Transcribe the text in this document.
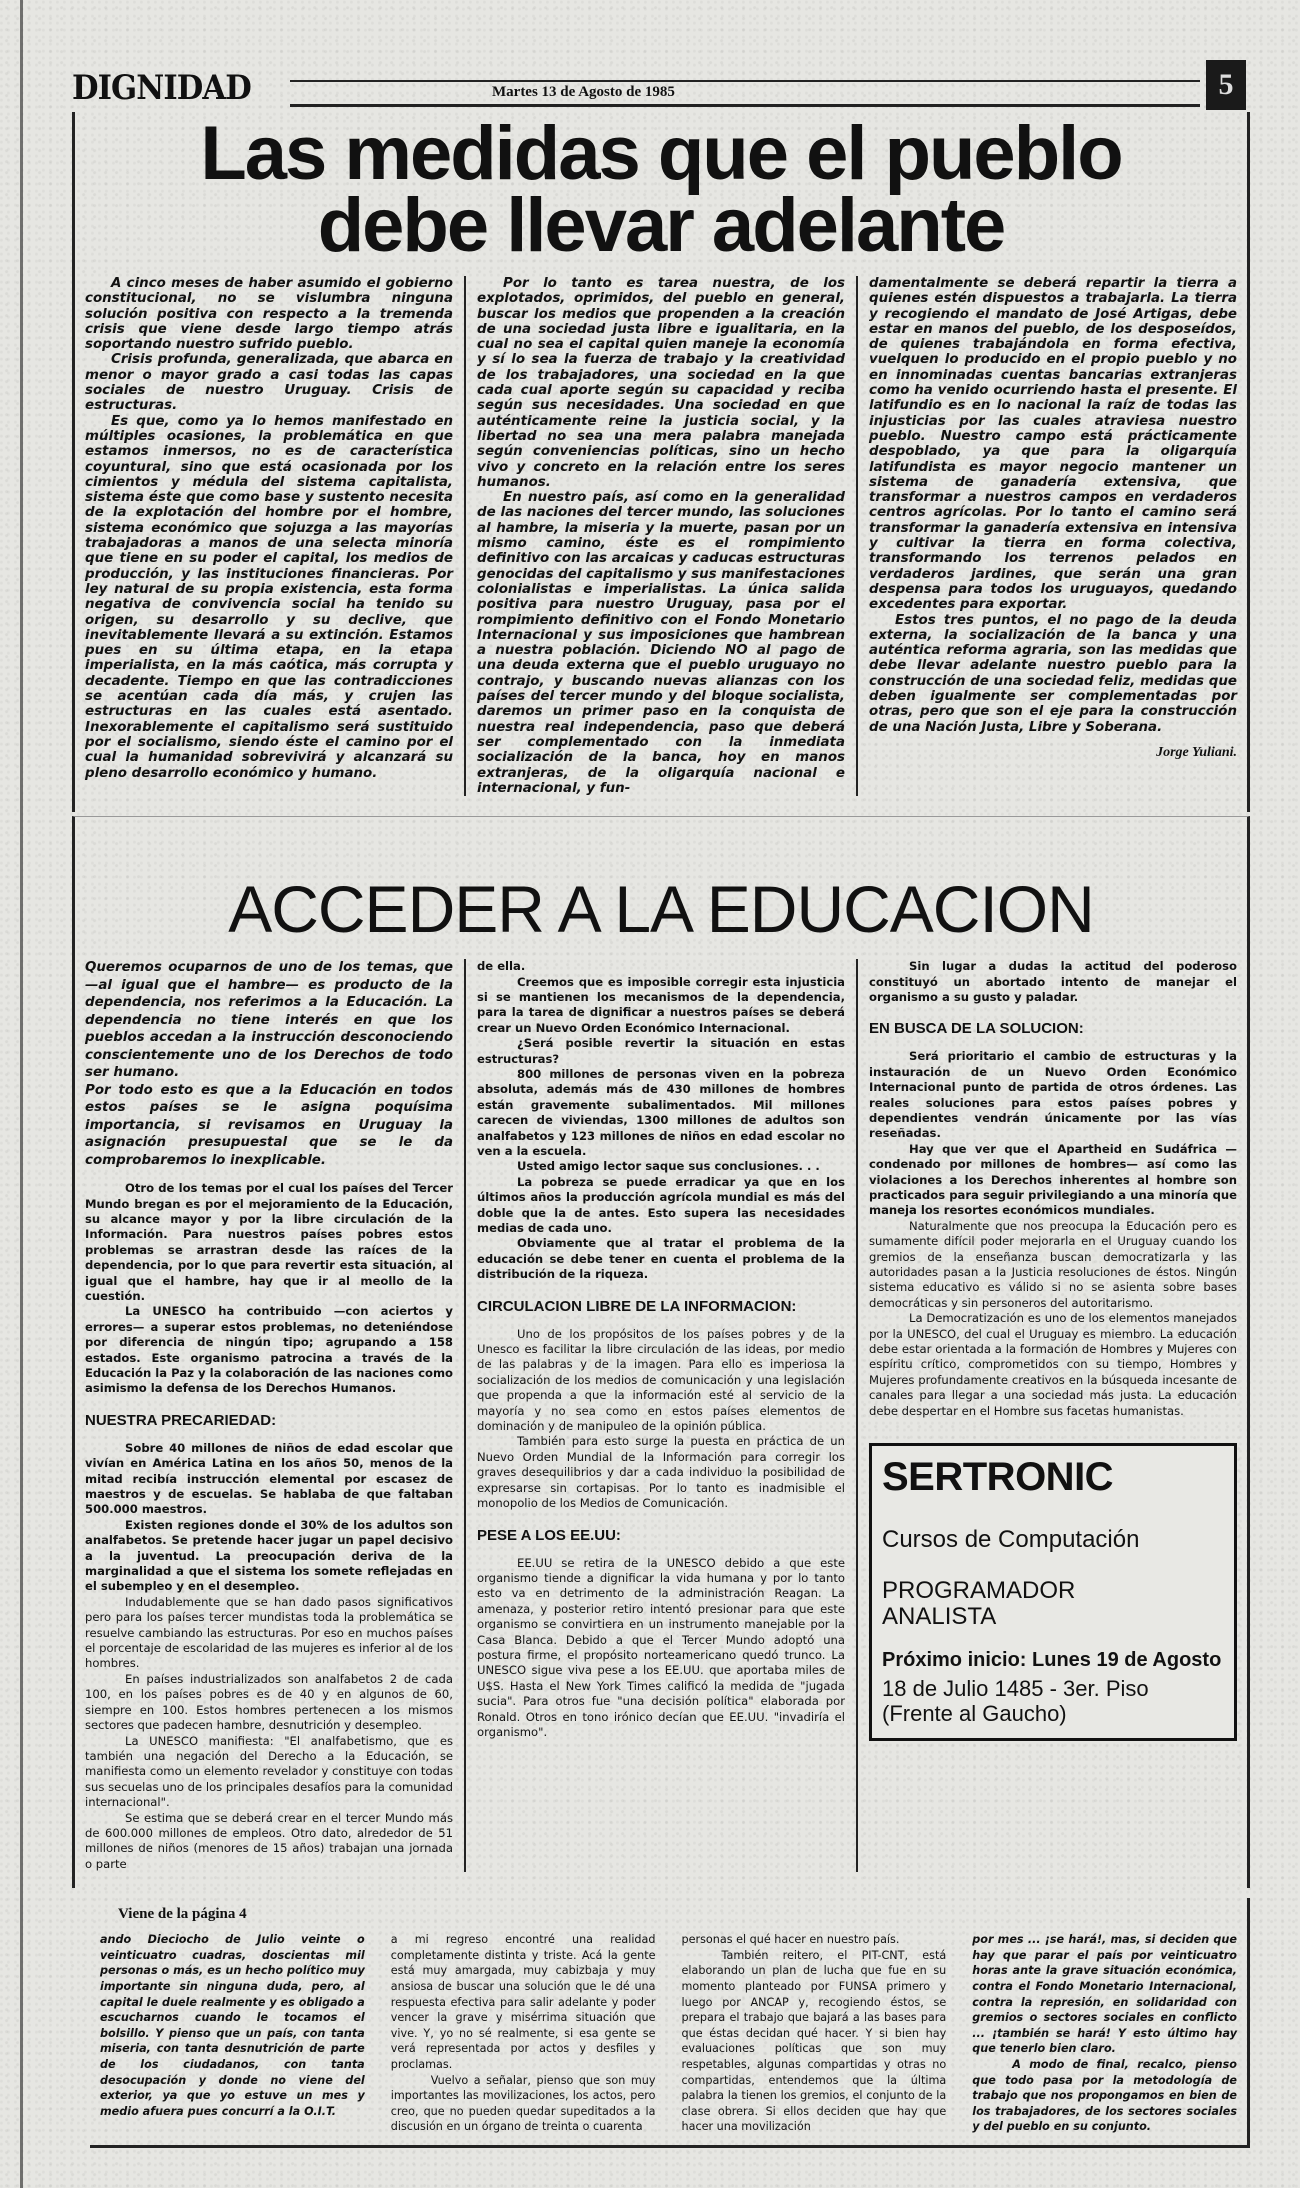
DIGNIDAD	Martes 13 de Agosto de 1985	5
Las medidas que el pueblo
debe llevar adelante

A cinco meses de haber asumido el gobierno constitucional, no se vislumbra ninguna solución positiva con respecto a la tremenda crisis que viene desde largo tiempo atrás soportando nuestro sufrido pueblo.

Crisis profunda, generalizada, que abarca en menor o mayor grado a casi todas las capas sociales de nuestro Uruguay. Crisis de estructuras.

Es que, como ya lo hemos manifestado en múltiples ocasiones, la problemática en que estamos inmersos, no es de característica coyuntural, sino que está ocasionada por los cimientos y médula del sistema capitalista, sistema éste que como base y sustento necesita de la explotación del hombre por el hombre, sistema económico que sojuzga a las mayorías trabajadoras a manos de una selecta minoría que tiene en su poder el capital, los medios de producción, y las instituciones financieras. Por ley natural de su propia existencia, esta forma negativa de convivencia social ha tenido su origen, su desarrollo y su declive, que inevitablemente llevará a su extinción. Estamos pues en su última etapa, en la etapa imperialista, en la más caótica, más corrupta y decadente. Tiempo en que las contradicciones se acentúan cada día más, y crujen las estructuras en las cuales está asentado. Inexorablemente el capitalismo será sustituido por el socialismo, siendo éste el camino por el cual la humanidad sobrevivirá y alcanzará su pleno desarrollo económico y humano.

Por lo tanto es tarea nuestra, de los explotados, oprimidos, del pueblo en general, buscar los medios que propenden a la creación de una sociedad justa libre e igualitaria, en la cual no sea el capital quien maneje la economía y sí lo sea la fuerza de trabajo y la creatividad de los trabajadores, una sociedad en la que cada cual aporte según su capacidad y reciba según sus necesidades. Una sociedad en que auténticamente reine la justicia social, y la libertad no sea una mera palabra manejada según conveniencias políticas, sino un hecho vivo y concreto en la relación entre los seres humanos.

En nuestro país, así como en la generalidad de las naciones del tercer mundo, las soluciones al hambre, la miseria y la muerte, pasan por un mismo camino, éste es el rompimiento definitivo con las arcaicas y caducas estructuras genocidas del capitalismo y sus manifestaciones colonialistas e imperialistas. La única salida positiva para nuestro Uruguay, pasa por el rompimiento definitivo con el Fondo Monetario Internacional y sus imposiciones que hambrean a nuestra población. Diciendo NO al pago de una deuda externa que el pueblo uruguayo no contrajo, y buscando nuevas alianzas con los países del tercer mundo y del bloque socialista, daremos un primer paso en la conquista de nuestra real independencia, paso que deberá ser complementado con la inmediata socialización de la banca, hoy en manos extranjeras, de la oligarquía nacional e internacional, y fun-

damentalmente se deberá repartir la tierra a quienes estén dispuestos a trabajarla. La tierra y recogiendo el mandato de José Artigas, debe estar en manos del pueblo, de los desposeídos, de quienes trabajándola en forma efectiva, vuelquen lo producido en el propio pueblo y no en innominadas cuentas bancarias extranjeras como ha venido ocurriendo hasta el presente. El latifundio es en lo nacional la raíz de todas las injusticias por las cuales atraviesa nuestro pueblo. Nuestro campo está prácticamente despoblado, ya que para la oligarquía latifundista es mayor negocio mantener un sistema de ganadería extensiva, que transformar a nuestros campos en verdaderos centros agrícolas. Por lo tanto el camino será transformar la ganadería extensiva en intensiva y cultivar la tierra en forma colectiva, transformando los terrenos pelados en verdaderos jardines, que serán una gran despensa para todos los uruguayos, quedando excedentes para exportar.

Estos tres puntos, el no pago de la deuda externa, la socialización de la banca y una auténtica reforma agraria, son las medidas que debe llevar adelante nuestro pueblo para la construcción de una sociedad feliz, medidas que deben igualmente ser complementadas por otras, pero que son el eje para la construcción de una Nación Justa, Libre y Soberana.

Jorge Yuliani.
ACCEDER A LA EDUCACION

Queremos ocuparnos de uno de los temas, que —al igual que el hambre— es producto de la dependencia, nos referimos a la Educación. La dependencia no tiene interés en que los pueblos accedan a la instrucción desconociendo conscientemente uno de los Derechos de todo ser humano.

Por todo esto es que a la Educación en todos estos países se le asigna poquísima importancia, si revisamos en Uruguay la asignación presupuestal que se le da comprobaremos lo inexplicable.

Otro de los temas por el cual los países del Tercer Mundo bregan es por el mejoramiento de la Educación, su alcance mayor y por la libre circulación de la Información. Para nuestros países pobres estos problemas se arrastran desde las raíces de la dependencia, por lo que para revertir esta situación, al igual que el hambre, hay que ir al meollo de la cuestión.

La UNESCO ha contribuido —con aciertos y errores— a superar estos problemas, no deteniéndose por diferencia de ningún tipo; agrupando a 158 estados. Este organismo patrocina a través de la Educación la Paz y la colaboración de las naciones como asimismo la defensa de los Derechos Humanos.

NUESTRA PRECARIEDAD:

Sobre 40 millones de niños de edad escolar que vivían en América Latina en los años 50, menos de la mitad recibía instrucción elemental por escasez de maestros y de escuelas. Se hablaba de que faltaban 500.000 maestros.

Existen regiones donde el 30% de los adultos son analfabetos. Se pretende hacer jugar un papel decisivo a la juventud. La preocupación deriva de la marginalidad a que el sistema los somete reflejadas en el subempleo y en el desempleo.

Indudablemente que se han dado pasos significativos pero para los países tercer mundistas toda la problemática se resuelve cambiando las estructuras. Por eso en muchos países el porcentaje de escolaridad de las mujeres es inferior al de los hombres.

En países industrializados son analfabetos 2 de cada 100, en los países pobres es de 40 y en algunos de 60, siempre en 100. Estos hombres pertenecen a los mismos sectores que padecen hambre, desnutrición y desempleo.

La UNESCO manifiesta: "El analfabetismo, que es también una negación del Derecho a la Educación, se manifiesta como un elemento revelador y constituye con todas sus secuelas uno de los principales desafíos para la comunidad internacional".

Se estima que se deberá crear en el tercer Mundo más de 600.000 millones de empleos. Otro dato, alrededor de 51 millones de niños (menores de 15 años) trabajan una jornada o parte

de ella.

Creemos que es imposible corregir esta injusticia si se mantienen los mecanismos de la dependencia, para la tarea de dignificar a nuestros países se deberá crear un Nuevo Orden Económico Internacional.

¿Será posible revertir la situación en estas estructuras?

800 millones de personas viven en la pobreza absoluta, además más de 430 millones de hombres están gravemente subalimentados. Mil millones carecen de viviendas, 1300 millones de adultos son analfabetos y 123 millones de niños en edad escolar no ven a la escuela.

Usted amigo lector saque sus conclusiones. . .

La pobreza se puede erradicar ya que en los últimos años la producción agrícola mundial es más del doble que la de antes. Esto supera las necesidades medias de cada uno.

Obviamente que al tratar el problema de la educación se debe tener en cuenta el problema de la distribución de la riqueza.

CIRCULACION LIBRE DE LA INFORMACION:

Uno de los propósitos de los países pobres y de la Unesco es facilitar la libre circulación de las ideas, por medio de las palabras y de la imagen. Para ello es imperiosa la socialización de los medios de comunicación y una legislación que propenda a que la información esté al servicio de la mayoría y no sea como en estos países elementos de dominación y de manipuleo de la opinión pública.

También para esto surge la puesta en práctica de un Nuevo Orden Mundial de la Información para corregir los graves desequilibrios y dar a cada individuo la posibilidad de expresarse sin cortapisas. Por lo tanto es inadmisible el monopolio de los Medios de Comunicación.

PESE A LOS EE.UU:

EE.UU se retira de la UNESCO debido a que este organismo tiende a dignificar la vida humana y por lo tanto esto va en detrimento de la administración Reagan. La amenaza, y posterior retiro intentó presionar para que este organismo se convirtiera en un instrumento manejable por la Casa Blanca. Debido a que el Tercer Mundo adoptó una postura firme, el propósito norteamericano quedó trunco. La UNESCO sigue viva pese a los EE.UU. que aportaba miles de U$S. Hasta el New York Times calificó la medida de "jugada sucia". Para otros fue "una decisión política" elaborada por Ronald. Otros en tono irónico decían que EE.UU. "invadiría el organismo".

Sin lugar a dudas la actitud del poderoso constituyó un abortado intento de manejar el organismo a su gusto y paladar.

EN BUSCA DE LA SOLUCION:

Será prioritario el cambio de estructuras y la instauración de un Nuevo Orden Económico Internacional punto de partida de otros órdenes. Las reales soluciones para estos países pobres y dependientes vendrán únicamente por las vías reseñadas.

Hay que ver que el Apartheid en Sudáfrica —condenado por millones de hombres— así como las violaciones a los Derechos inherentes al hombre son practicados para seguir privilegiando a una minoría que maneja los resortes económicos mundiales.

Naturalmente que nos preocupa la Educación pero es sumamente difícil poder mejorarla en el Uruguay cuando los gremios de la enseñanza buscan democratizarla y las autoridades pasan a la Justicia resoluciones de éstos. Ningún sistema educativo es válido si no se asienta sobre bases democráticas y sin personeros del autoritarismo.

La Democratización es uno de los elementos manejados por la UNESCO, del cual el Uruguay es miembro. La educación debe estar orientada a la formación de Hombres y Mujeres con espíritu crítico, comprometidos con su tiempo, Hombres y Mujeres profundamente creativos en la búsqueda incesante de canales para llegar a una sociedad más justa. La educación debe despertar en el Hombre sus facetas humanistas.

SERTRONIC
Cursos de Computación
PROGRAMADOR
ANALISTA
Próximo inicio: Lunes 19 de Agosto
18 de Julio 1485 - 3er. Piso
(Frente al Gaucho)
Viene de la página 4

ando Dieciocho de Julio veinte o veinticuatro cuadras, doscientas mil personas o más, es un hecho político muy importante sin ninguna duda, pero, al capital le duele realmente y es obligado a escucharnos cuando le tocamos el bolsillo. Y pienso que un país, con tanta miseria, con tanta desnutrición de parte de los ciudadanos, con tanta desocupación y donde no viene del exterior, ya que yo estuve un mes y medio afuera pues concurrí a la O.I.T.

a mi regreso encontré una realidad completamente distinta y triste. Acá la gente está muy amargada, muy cabizbaja y muy ansiosa de buscar una solución que le dé una respuesta efectiva para salir adelante y poder vencer la grave y misérrima situación que vive. Y, yo no sé realmente, si esa gente se verá representada por actos y desfiles y proclamas.

Vuelvo a señalar, pienso que son muy importantes las movilizaciones, los actos, pero creo, que no pueden quedar supeditados a la discusión en un órgano de treinta o cuarenta

personas el qué hacer en nuestro país.

También reitero, el PIT-CNT, está elaborando un plan de lucha que fue en su momento planteado por FUNSA primero y luego por ANCAP y, recogiendo éstos, se prepara el trabajo que bajará a las bases para que éstas decidan qué hacer. Y si bien hay evaluaciones políticas que son muy respetables, algunas compartidas y otras no compartidas, entendemos que la última palabra la tienen los gremios, el conjunto de la clase obrera. Si ellos deciden que hay que hacer una movilización

por mes ... ¡se hará!, mas, si deciden que hay que parar el país por veinticuatro horas ante la grave situación económica, contra el Fondo Monetario Internacional, contra la represión, en solidaridad con gremios o sectores sociales en conflicto ... ¡también se hará! Y esto último hay que tenerlo bien claro.

A modo de final, recalco, pienso que todo pasa por la metodología de trabajo que nos propongamos en bien de los trabajadores, de los sectores sociales y del pueblo en su conjunto.
